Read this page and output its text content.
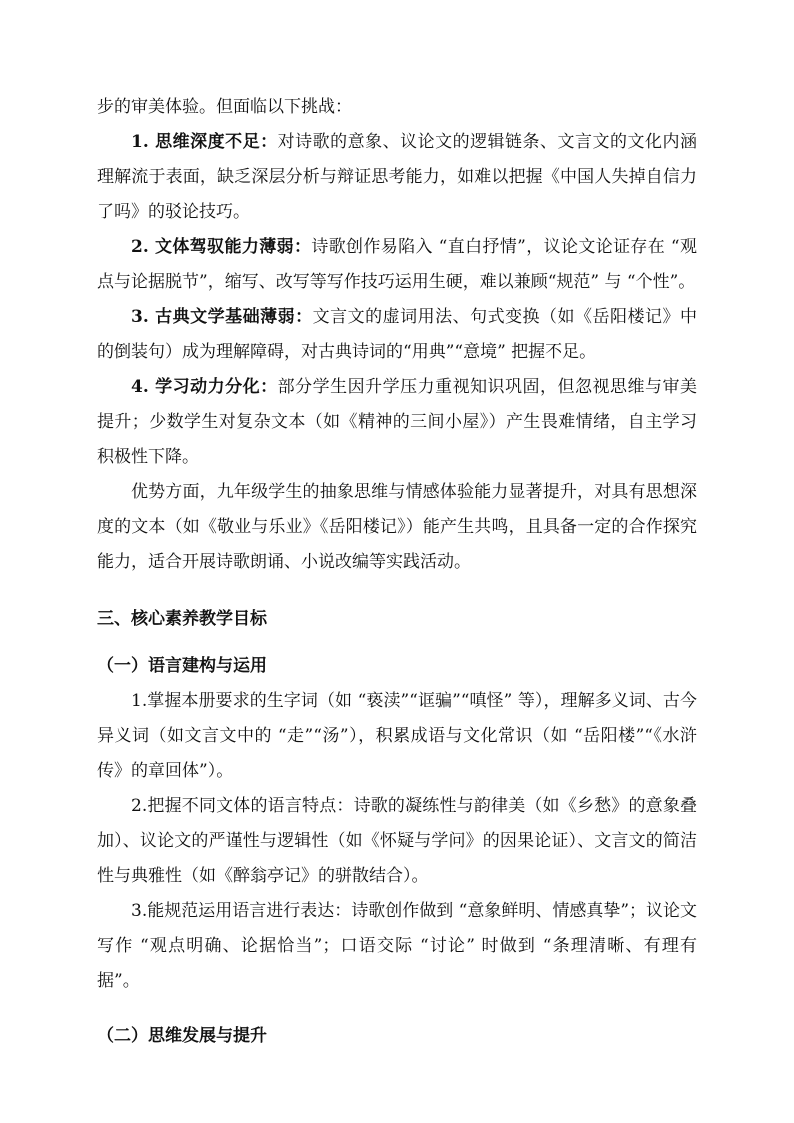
步的审美体验。但面临以下挑战：

1. 思维深度不足：对诗歌的意象、议论文的逻辑链条、文言文的文化内涵理解流于表面，缺乏深层分析与辩证思考能力，如难以把握《中国人失掉自信力了吗》的驳论技巧。

2. 文体驾驭能力薄弱：诗歌创作易陷入 “直白抒情”，议论文论证存在 “观点与论据脱节”，缩写、改写等写作技巧运用生硬，难以兼顾“规范” 与 “个性”。

3. 古典文学基础薄弱：文言文的虚词用法、句式变换（如《岳阳楼记》中的倒装句）成为理解障碍，对古典诗词的“用典”“意境” 把握不足。

4. 学习动力分化：部分学生因升学压力重视知识巩固，但忽视思维与审美提升；少数学生对复杂文本（如《精神的三间小屋》）产生畏难情绪，自主学习积极性下降。

优势方面，九年级学生的抽象思维与情感体验能力显著提升，对具有思想深度的文本（如《敬业与乐业》《岳阳楼记》）能产生共鸣，且具备一定的合作探究能力，适合开展诗歌朗诵、小说改编等实践活动。

三、核心素养教学目标
（一）语言建构与运用

1.掌握本册要求的生字词（如 “亵渎”“诓骗”“嗔怪” 等），理解多义词、古今异义词（如文言文中的 “走”“汤”），积累成语与文化常识（如 “岳阳楼”“《水浒传》的章回体”）。

2.把握不同文体的语言特点：诗歌的凝练性与韵律美（如《乡愁》的意象叠加）、议论文的严谨性与逻辑性（如《怀疑与学问》的因果论证）、文言文的简洁性与典雅性（如《醉翁亭记》的骈散结合）。

3.能规范运用语言进行表达：诗歌创作做到 “意象鲜明、情感真挚”；议论文写作 “观点明确、论据恰当”；口语交际 “讨论” 时做到 “条理清晰、有理有据”。

（二）思维发展与提升
